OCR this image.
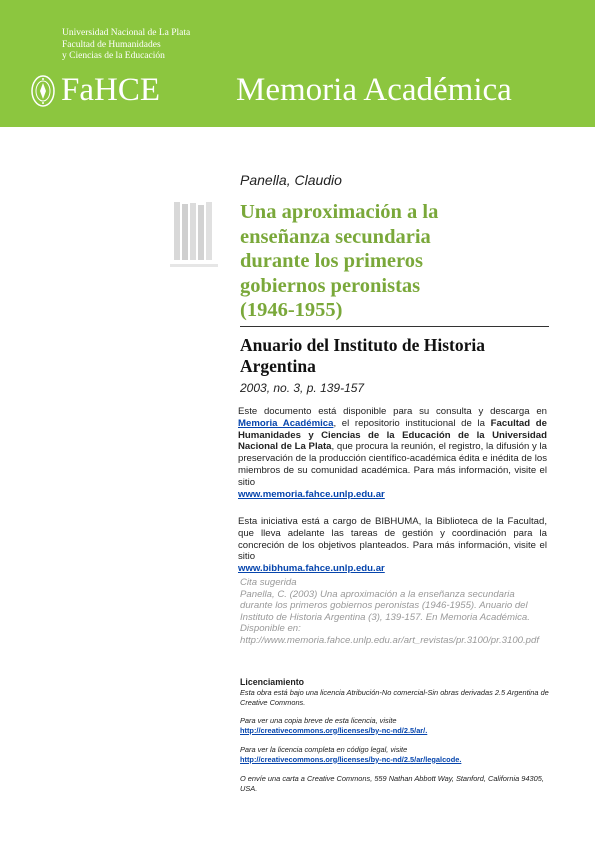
Universidad Nacional de La Plata
Facultad de Humanidades
y Ciencias de la Educación
FaHCE Memoria Académica
Panella, Claudio
Una aproximación a la
enseñanza secundaria
durante los primeros
gobiernos peronistas
(1946-1955)
Anuario del Instituto de Historia
Argentina
2003, no. 3, p. 139-157

Este documento está disponible para su consulta y descarga en Memoria Académica, el repositorio institucional de la Facultad de Humanidades y Ciencias de la Educación de la Universidad Nacional de La Plata, que procura la reunión, el registro, la difusión y la preservación de la producción científico-académica édita e inédita de los miembros de su comunidad académica. Para más información, visite el sitio
www.memoria.fahce.unlp.edu.ar

Esta iniciativa está a cargo de BIBHUMA, la Biblioteca de la Facultad, que lleva adelante las tareas de gestión y coordinación para la concreción de los objetivos planteados. Para más información, visite el sitio
www.bibhuma.fahce.unlp.edu.ar

Cita sugerida
Panella, C. (2003) Una aproximación a la enseñanza secundaria durante los primeros gobiernos peronistas (1946-1955). Anuario del Instituto de Historia Argentina (3), 139-157. En Memoria Académica. Disponible en: http://www.memoria.fahce.unlp.edu.ar/art_revistas/pr.3100/pr.3100.pdf
Licenciamiento

Esta obra está bajo una licencia Atribución-No comercial-Sin obras derivadas 2.5 Argentina de Creative Commons.

Para ver una copia breve de esta licencia, visite
http://creativecommons.org/licenses/by-nc-nd/2.5/ar/.

Para ver la licencia completa en código legal, visite
http://creativecommons.org/licenses/by-nc-nd/2.5/ar/legalcode.

O envíe una carta a Creative Commons, 559 Nathan Abbott Way, Stanford, California 94305, USA.
